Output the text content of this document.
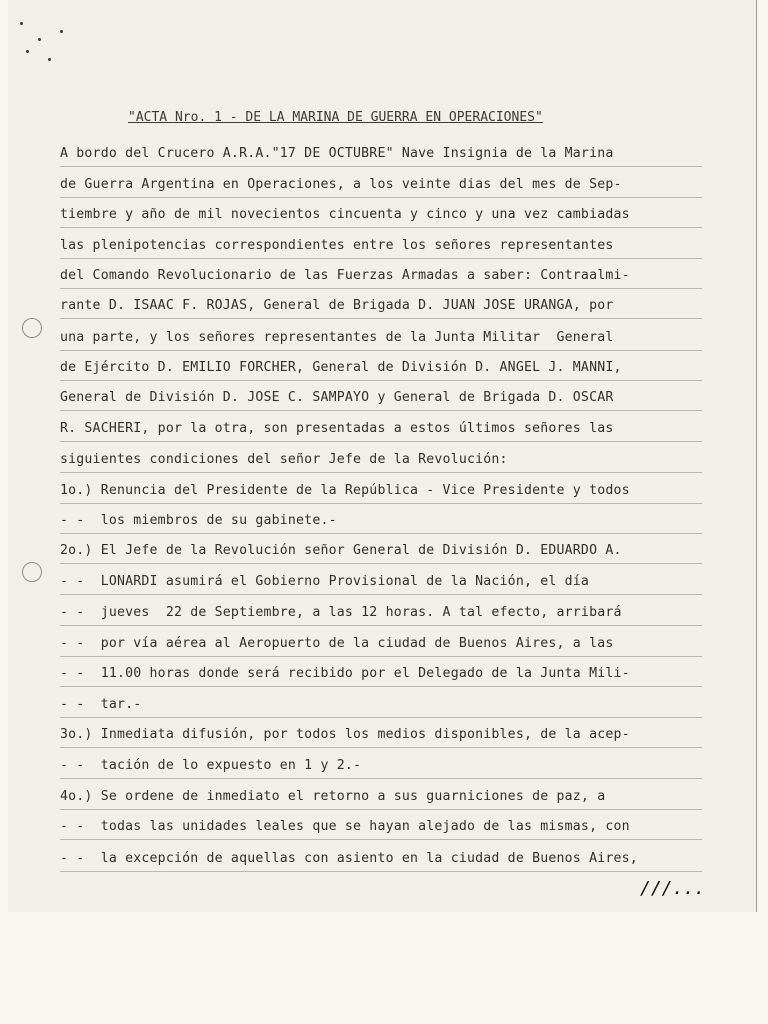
"ACTA Nro. 1 - DE LA MARINA DE GUERRA EN OPERACIONES"
A bordo del Crucero A.R.A."17 DE OCTUBRE" Nave Insignia de la Marina
de Guerra Argentina en Operaciones, a los veinte dias del mes de Sep-
tiembre y año de mil novecientos cincuenta y cinco y una vez cambiadas
las plenipotencias correspondientes entre los señores representantes
del Comando Revolucionario de las Fuerzas Armadas a saber: Contraalmi-
rante D. ISAAC F. ROJAS, General de Brigada D. JUAN JOSE URANGA, por
una parte, y los señores representantes de la Junta Militar  General
de Ejército D. EMILIO FORCHER, General de División D. ANGEL J. MANNI,
General de División D. JOSE C. SAMPAYO y General de Brigada D. OSCAR
R. SACHERI, por la otra, son presentadas a estos últimos señores las
siguientes condiciones del señor Jefe de la Revolución:
1o.) Renuncia del Presidente de la República - Vice Presidente y todos
- -  los miembros de su gabinete.-
2o.) El Jefe de la Revolución señor General de División D. EDUARDO A.
- -  LONARDI asumirá el Gobierno Provisional de la Nación, el día
- -  jueves  22 de Septiembre, a las 12 horas. A tal efecto, arribará
- -  por vía aérea al Aeropuerto de la ciudad de Buenos Aires, a las
- -  11.00 horas donde será recibido por el Delegado de la Junta Mili-
- -  tar.-
3o.) Inmediata difusión, por todos los medios disponibles, de la acep-
- -  tación de lo expuesto en 1 y 2.-
4o.) Se ordene de inmediato el retorno a sus guarniciones de paz, a
- -  todas las unidades leales que se hayan alejado de las mismas, con
- -  la excepción de aquellas con asiento en la ciudad de Buenos Aires,
///...
